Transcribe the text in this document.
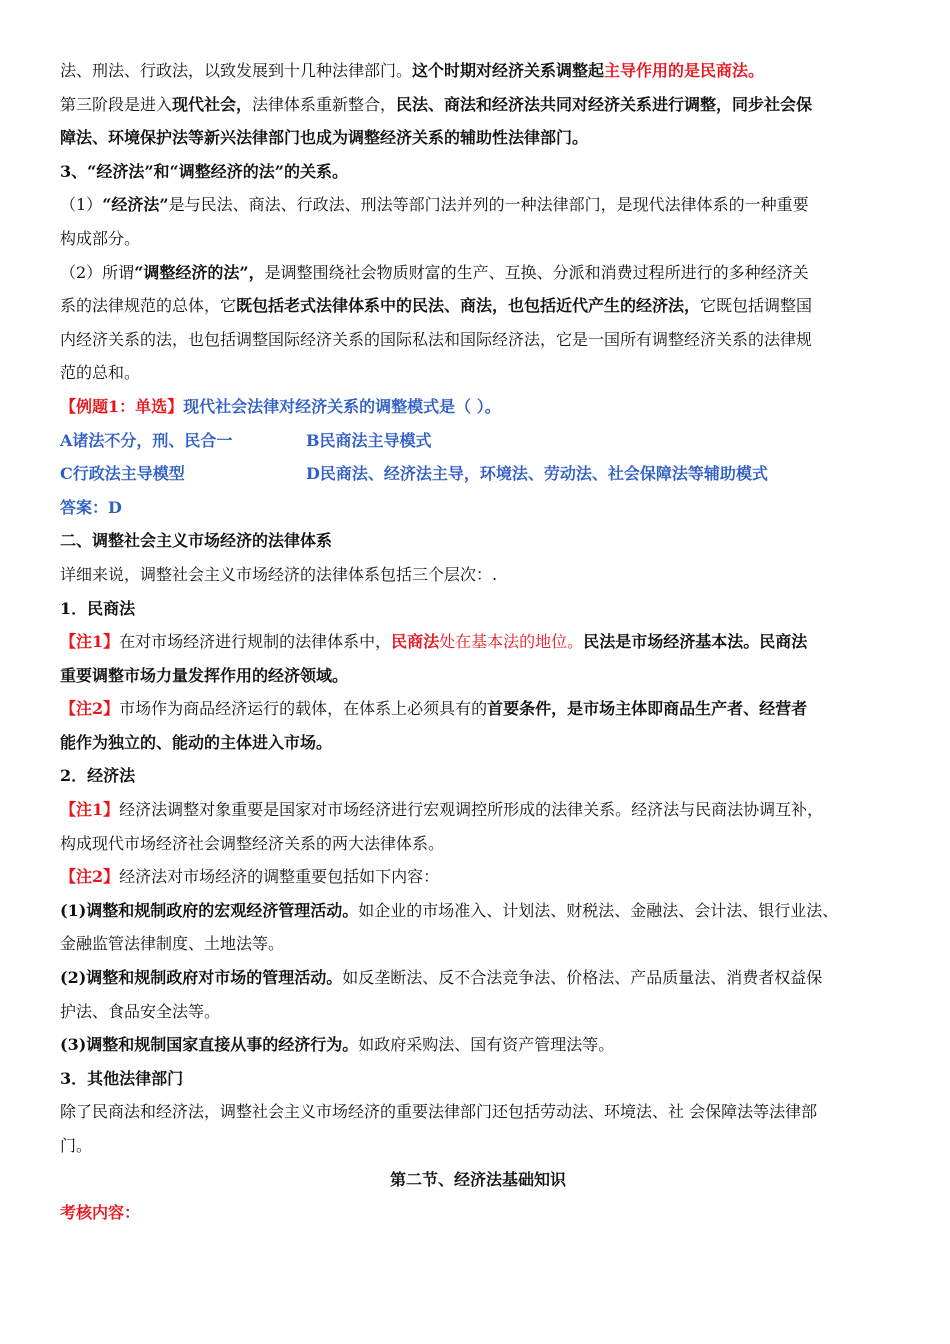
法、刑法、行政法，以致发展到十几种法律部门。这个时期对经济关系调整起主导作用的是民商法。
第三阶段是进入现代社会，法律体系重新整合，民法、商法和经济法共同对经济关系进行调整，同步社会保
障法、环境保护法等新兴法律部门也成为调整经济关系的辅助性法律部门。
3、“经济法”和“调整经济的法”的关系。
（1）“经济法”是与民法、商法、行政法、刑法等部门法并列的一种法律部门，是现代法律体系的一种重要
构成部分。
（2）所谓“调整经济的法”，是调整围绕社会物质财富的生产、互换、分派和消费过程所进行的多种经济关
系的法律规范的总体，它既包括老式法律体系中的民法、商法，也包括近代产生的经济法，它既包括调整国
内经济关系的法，也包括调整国际经济关系的国际私法和国际经济法，它是一国所有调整经济关系的法律规
范的总和。
【例题1：单选】现代社会法律对经济关系的调整模式是（ ）。
A诸法不分，刑、民合一	B民商法主导模式
C行政法主导模型	D民商法、经济法主导，环境法、劳动法、社会保障法等辅助模式
答案：D
二、调整社会主义市场经济的法律体系
详细来说，调整社会主义市场经济的法律体系包括三个层次：.
1．民商法
【注1】在对市场经济进行规制的法律体系中，民商法处在基本法的地位。民法是市场经济基本法。民商法
重要调整市场力量发挥作用的经济领域。
【注2】市场作为商品经济运行的载体，在体系上必须具有的首要条件，是市场主体即商品生产者、经营者
能作为独立的、能动的主体进入市场。
2．经济法
【注1】经济法调整对象重要是国家对市场经济进行宏观调控所形成的法律关系。经济法与民商法协调互补，
构成现代市场经济社会调整经济关系的两大法律体系。
【注2】经济法对市场经济的调整重要包括如下内容：
(1)调整和规制政府的宏观经济管理活动。如企业的市场准入、计划法、财税法、金融法、会计法、银行业法、
金融监管法律制度、土地法等。
(2)调整和规制政府对市场的管理活动。如反垄断法、反不合法竞争法、价格法、产品质量法、消费者权益保
护法、食品安全法等。
(3)调整和规制国家直接从事的经济行为。如政府采购法、国有资产管理法等。
3．其他法律部门
除了民商法和经济法，调整社会主义市场经济的重要法律部门还包括劳动法、环境法、社 会保障法等法律部
门。
第二节、经济法基础知识
考核内容：
